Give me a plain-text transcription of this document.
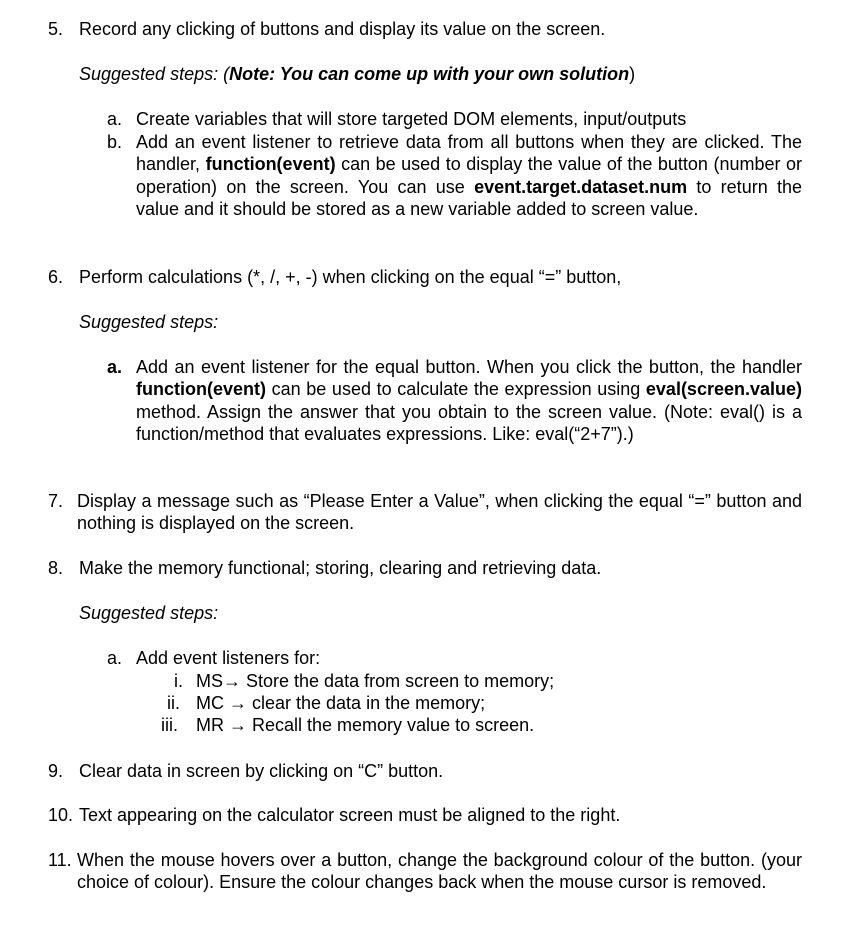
5. Record any clicking of buttons and display its value on the screen.
Suggested steps: (Note: You can come up with your own solution)
a. Create variables that will store targeted DOM elements, input/outputs
b. Add an event listener to retrieve data from all buttons when they are clicked. The handler, function(event) can be used to display the value of the button (number or operation) on the screen. You can use event.target.dataset.num to return the value and it should be stored as a new variable added to screen value.
6. Perform calculations (*, /, +, -) when clicking on the equal “=” button,
Suggested steps:
a. Add an event listener for the equal button. When you click the button, the handler function(event) can be used to calculate the expression using eval(screen.value) method. Assign the answer that you obtain to the screen value. (Note: eval() is a function/method that evaluates expressions. Like: eval(“2+7”).)
7. Display a message such as “Please Enter a Value”, when clicking the equal “=” button and nothing is displayed on the screen.
8. Make the memory functional; storing, clearing and retrieving data.
Suggested steps:
a. Add event listeners for:
i. MS→ Store the data from screen to memory;
ii. MC → clear the data in the memory;
iii. MR → Recall the memory value to screen.
9. Clear data in screen by clicking on “C” button.
10. Text appearing on the calculator screen must be aligned to the right.
11. When the mouse hovers over a button, change the background colour of the button. (your choice of colour). Ensure the colour changes back when the mouse cursor is removed.
